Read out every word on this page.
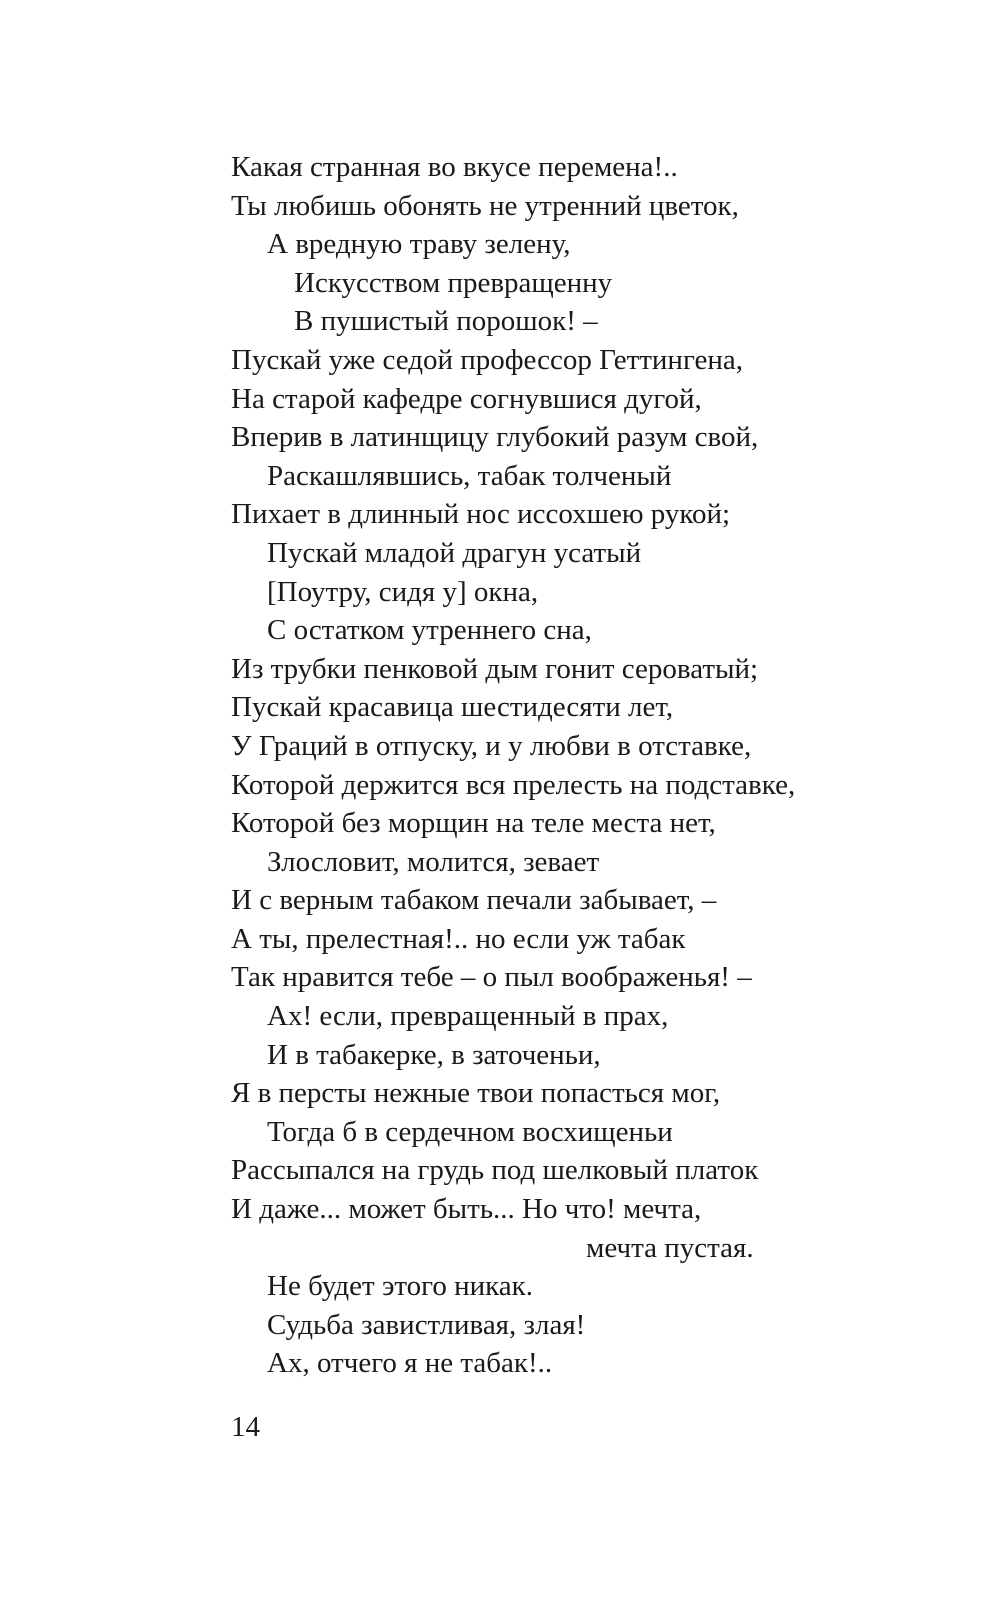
Какая странная во вкусе перемена!..
Ты любишь обонять не утренний цветок,
А вредную траву зелену,
Искусством превращенну
В пушистый порошок! –
Пускай уже седой профессор Геттингена,
На старой кафедре согнувшися дугой,
Вперив в латинщицу глубокий разум свой,
Раскашлявшись, табак толченый
Пихает в длинный нос иссохшею рукой;
Пускай младой драгун усатый
[Поутру, сидя у] окна,
С остатком утреннего сна,
Из трубки пенковой дым гонит сероватый;
Пускай красавица шестидесяти лет,
У Граций в отпуску, и у любви в отставке,
Которой держится вся прелесть на подставке,
Которой без морщин на теле места нет,
Злословит, молится, зевает
И с верным табаком печали забывает, –
А ты, прелестная!.. но если уж табак
Так нравится тебе – о пыл воображенья! –
Ах! если, превращенный в прах,
И в табакерке, в заточеньи,
Я в персты нежные твои попасться мог,
Тогда б в сердечном восхищеньи
Рассыпался на грудь под шелковый платок
И даже... может быть... Но что! мечта,
мечта пустая.
Не будет этого никак.
Судьба завистливая, злая!
Ах, отчего я не табак!..
14
